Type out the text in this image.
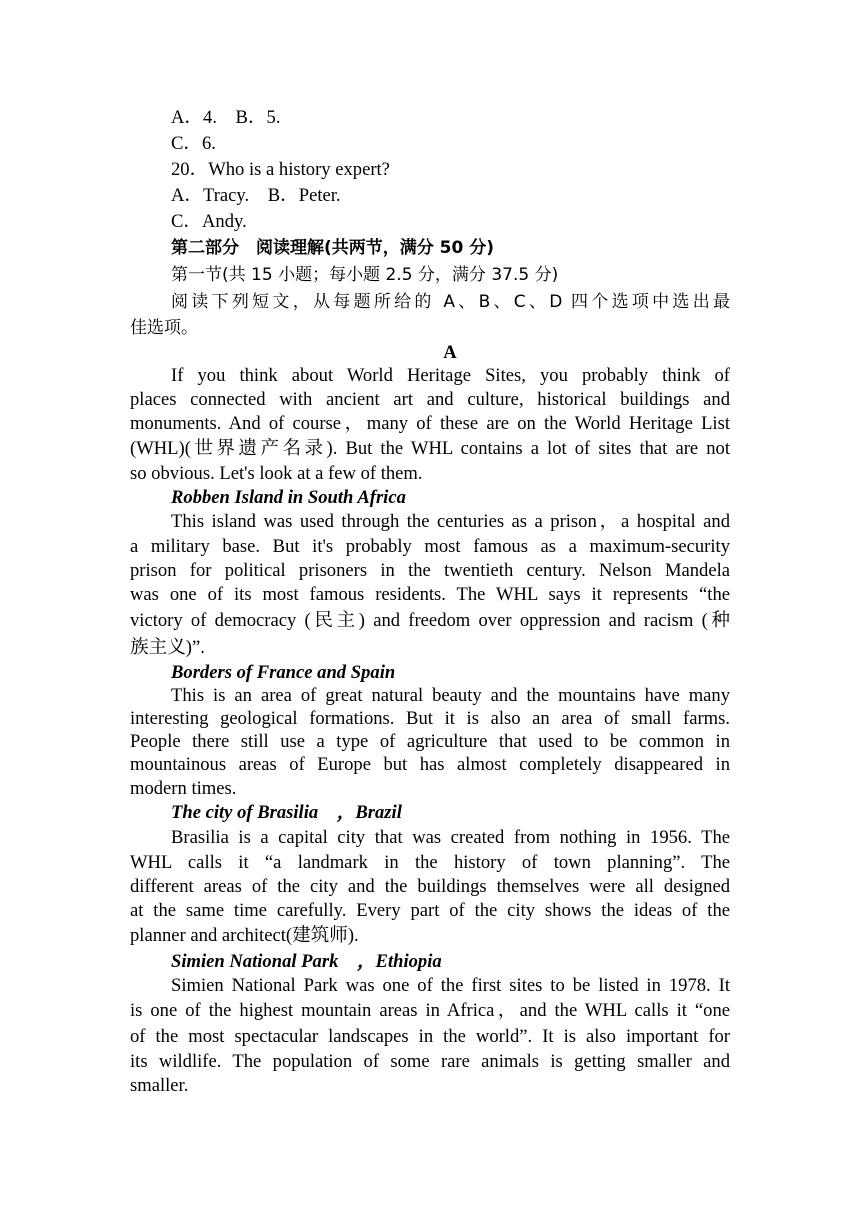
A．4.　B．5.
C．6.
20．Who is a history expert?
A．Tracy.　B．Peter.
C．Andy.
第二部分　阅读理解(共两节，满分 50 分)
第一节(共 15 小题；每小题 2.5 分，满分 37.5 分)
阅读下列短文，从每题所给的 A、B、C、D 四个选项中选出最
佳选项。
A
If you think about World Heritage Sites, you probably think of
places connected with ancient art and culture, historical buildings and
monuments. And of course，many of these are on the World Heritage List
(WHL)(世界遗产名录). But the WHL contains a lot of sites that are not
so obvious. Let's look at a few of them.
Robben Island in South Africa
This island was used through the centuries as a prison，a hospital and
a military base. But it's probably most famous as a maximum-security
prison for political prisoners in the twentieth century. Nelson Mandela
was one of its most famous residents. The WHL says it represents “the
victory of democracy (民主) and freedom over oppression and racism (种
族主义)”.
Borders of France and Spain
This is an area of great natural beauty and the mountains have many
interesting geological formations. But it is also an area of small farms.
People there still use a type of agriculture that used to be common in
mountainous areas of Europe but has almost completely disappeared in
modern times.
The city of Brasilia　，Brazil
Brasilia is a capital city that was created from nothing in 1956. The
WHL calls it “a landmark in the history of town planning”. The
different areas of the city and the buildings themselves were all designed
at the same time carefully. Every part of the city shows the ideas of the
planner and architect(建筑师).
Simien National Park　，Ethiopia
Simien National Park was one of the first sites to be listed in 1978. It
is one of the highest mountain areas in Africa，and the WHL calls it “one
of the most spectacular landscapes in the world”. It is also important for
its wildlife. The population of some rare animals is getting smaller and
smaller.
